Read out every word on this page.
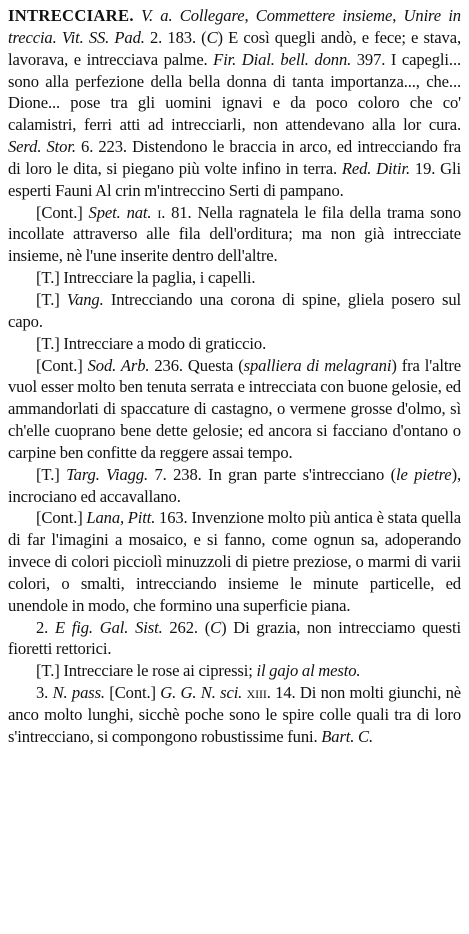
INTRECCIARE. V. a. Collegare, Commettere insieme, Unire in treccia. Vit. SS. Pad. 2. 183. (C) E così quegli andò, e fece; e stava, lavorava, e intrecciava palme. Fir. Dial. bell. donn. 397. I capegli... sono alla perfezione della bella donna di tanta importanza..., che... Dione... pose tra gli uomini ignavi e da poco coloro che co' calamistri, ferri atti ad intrecciarli, non attendevano alla lor cura. Serd. Stor. 6. 223. Distendono le braccia in arco, ed intrecciando fra di loro le dita, si piegano più volte infino in terra. Red. Ditir. 19. Gli esperti Fauni Al crin m'intreccino Serti di pampano.
[Cont.] Spet. nat. i. 81. Nella ragnatela le fila della trama sono incollate attraverso alle fila dell'orditura; ma non già intrecciate insieme, nè l'une inserite dentro dell'altre.
[T.] Intrecciare la paglia, i capelli.
[T.] Vang. Intrecciando una corona di spine, gliela posero sul capo.
[T.] Intrecciare a modo di graticcio.
[Cont.] Sod. Arb. 236. Questa (spalliera di melagrani) fra l'altre vuol esser molto ben tenuta serrata e intrecciata con buone gelosie, ed ammandorlati di spaccature di castagno, o vermene grosse d'olmo, sì ch'elle cuoprano bene dette gelosie; ed ancora si facciano d'ontano o carpine ben confitte da reggere assai tempo.
[T.] Targ. Viagg. 7. 238. In gran parte s'intrecciano (le pietre), incrociano ed accavallano.
[Cont.] Lana, Pitt. 163. Invenzione molto più antica è stata quella di far l'imagini a mosaico, e si fanno, come ognun sa, adoperando invece di colori picciolì minuzzoli di pietre preziose, o marmi di varii colori, o smalti, intrecciando insieme le minute particelle, ed unendole in modo, che formino una superficie piana.
2. E fig. Gal. Sist. 262. (C) Di grazia, non intrecciamo questi fioretti rettorici.
[T.] Intrecciare le rose ai cipressi; il gajo al mesto.
3. N. pass. [Cont.] G. G. N. sci. xiii. 14. Di non molti giunchi, nè anco molto lunghi, sicchè poche sono le spire colle quali tra di loro s'intrecciano, si compongono robustissime funi. Bart. C.
